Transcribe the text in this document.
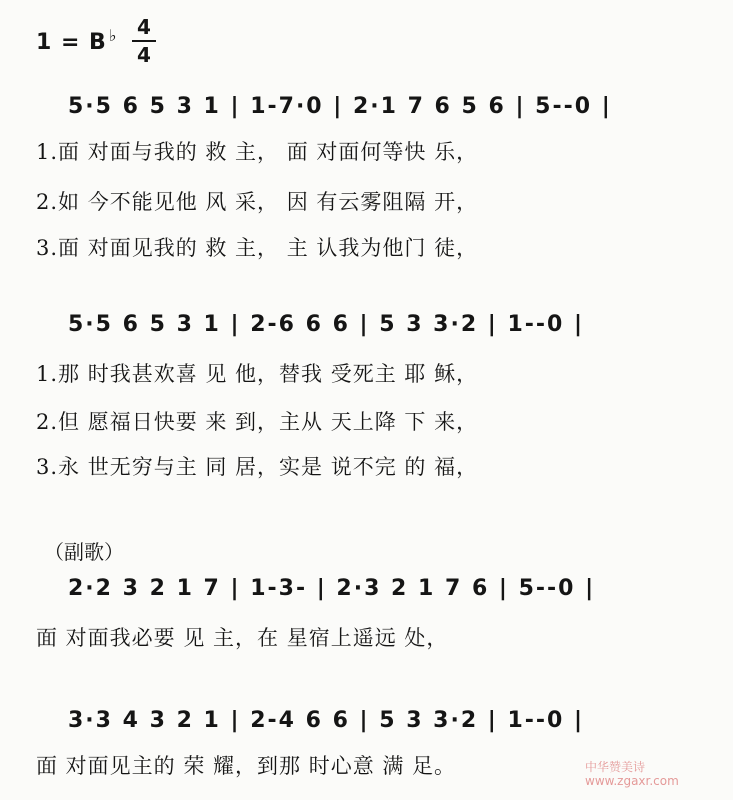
1 = B ♭ 4
4
5·5 6 5 3 1 | 1-7·0 | 2·1 7 6 5 6 | 5--0 |
1.面 对面与我的 救 主， 面 对面何等快 乐，
2.如 今不能见他 风 采， 因 有云雾阻隔 开，
3.面 对面见我的 救 主， 主 认我为他门 徒，
5·5 6 5 3 1 | 2-6 6 6 | 5 3 3·2 | 1--0 |
1.那 时我甚欢喜 见 他，替我 受死主 耶 稣，
2.但 愿福日快要 来 到，主从 天上降 下 来，
3.永 世无穷与主 同 居，实是 说不完 的 福，
（副歌）
2·2 3 2 1 7 | 1-3- | 2·3 2 1 7 6 | 5--0 |
面 对面我必要 见 主，在 星宿上遥远 处，
3·3 4 3 2 1 | 2-4 6 6 | 5 3 3·2 | 1--0 |
面 对面见主的 荣 耀，到那 时心意 满 足。	中华赞美诗
www.zgaxr.com
